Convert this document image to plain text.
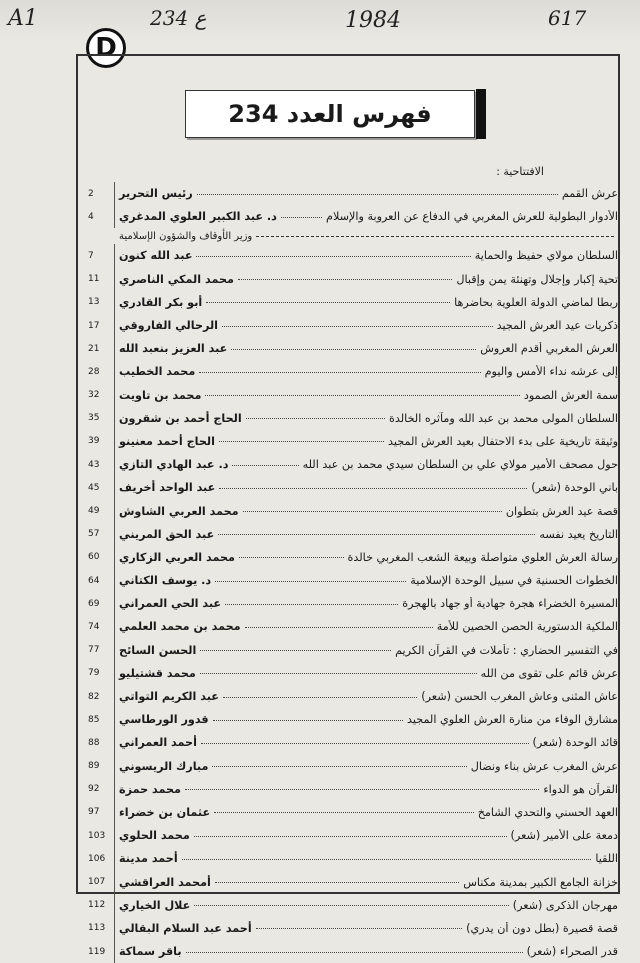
A1	234 ع	1984	617
D
فهرس العدد 234
الافتتاحية :
عرش القمم
رئيس التحرير
2
الأدوار البطولية للعرش المغربي في الدفاع عن العروبة والإسلام
د. عبد الكبير العلوي المدغري
4
وزير الأوقاف والشؤون الإسلامية
السلطان مولاي حفيظ والحماية
عبد الله كنون
7
تحية إكبار وإجلال وتهنئة يمن وإقبال
محمد المكي الناصري
11
ربطا لماضي الدولة العلوية بحاضرها
أبو بكر القادري
13
ذكريات عيد العرش المجيد
الرحالي الفاروقي
17
العرش المغربي أقدم العروش
عبد العزيز بنعبد الله
21
إلى عرشه نداء الأمس واليوم
محمد الخطيب
28
سمة العرش الصمود
محمد بن تاويت
32
السلطان المولى محمد بن عبد الله ومآثره الخالدة
الحاج أحمد بن شقرون
35
وثيقة تاريخية على بدء الاحتفال بعيد العرش المجيد
الحاج أحمد معنينو
39
حول مصحف الأمير مولاي علي بن السلطان سيدي محمد بن عبد الله
د. عبد الهادي التازي
43
باني الوحدة (شعر)
عبد الواحد أخريف
45
قصة عيد العرش بتطوان
محمد العربي الشاوش
49
التاريخ يعيد نفسه
عبد الحق المريني
57
رسالة العرش العلوي متواصلة وبيعة الشعب المغربي خالدة
محمد العربي الزكاري
60
الخطوات الحسنية في سبيل الوحدة الإسلامية
د. يوسف الكتاني
64
المسيرة الخضراء هجرة جهادية أو جهاد بالهجرة
عبد الحي العمراني
69
الملكية الدستورية الحصن الحصين للأمة
محمد بن محمد العلمي
74
في التفسير الحضاري : تأملات في القرآن الكريم
الحسن السائح
77
عرش قائم على تقوى من الله
محمد قشتيليو
79
عاش المثنى وعاش المغرب الحسن (شعر)
عبد الكريم التواتي
82
مشارق الوفاء من منارة العرش العلوي المجيد
قدور الورطاسي
85
قائد الوحدة (شعر)
أحمد العمراني
88
عرش المغرب عرش بناء ونضال
مبارك الريسوني
89
القرآن هو الدواء
محمد حمزة
92
العهد الحسني والتحدي الشامخ
عثمان بن خضراء
97
دمعة على الأمير (شعر)
محمد الحلوي
103
اللقيا
أحمد مدينة
106
خزانة الجامع الكبير بمدينة مكناس
أمحمد العراقشي
107
مهرجان الذكرى (شعر)
علال الخياري
112
قصة قصيرة (بطل دون أن يدري)
أحمد عبد السلام البقالي
113
قدر الصحراء (شعر)
باقر سماكة
119
